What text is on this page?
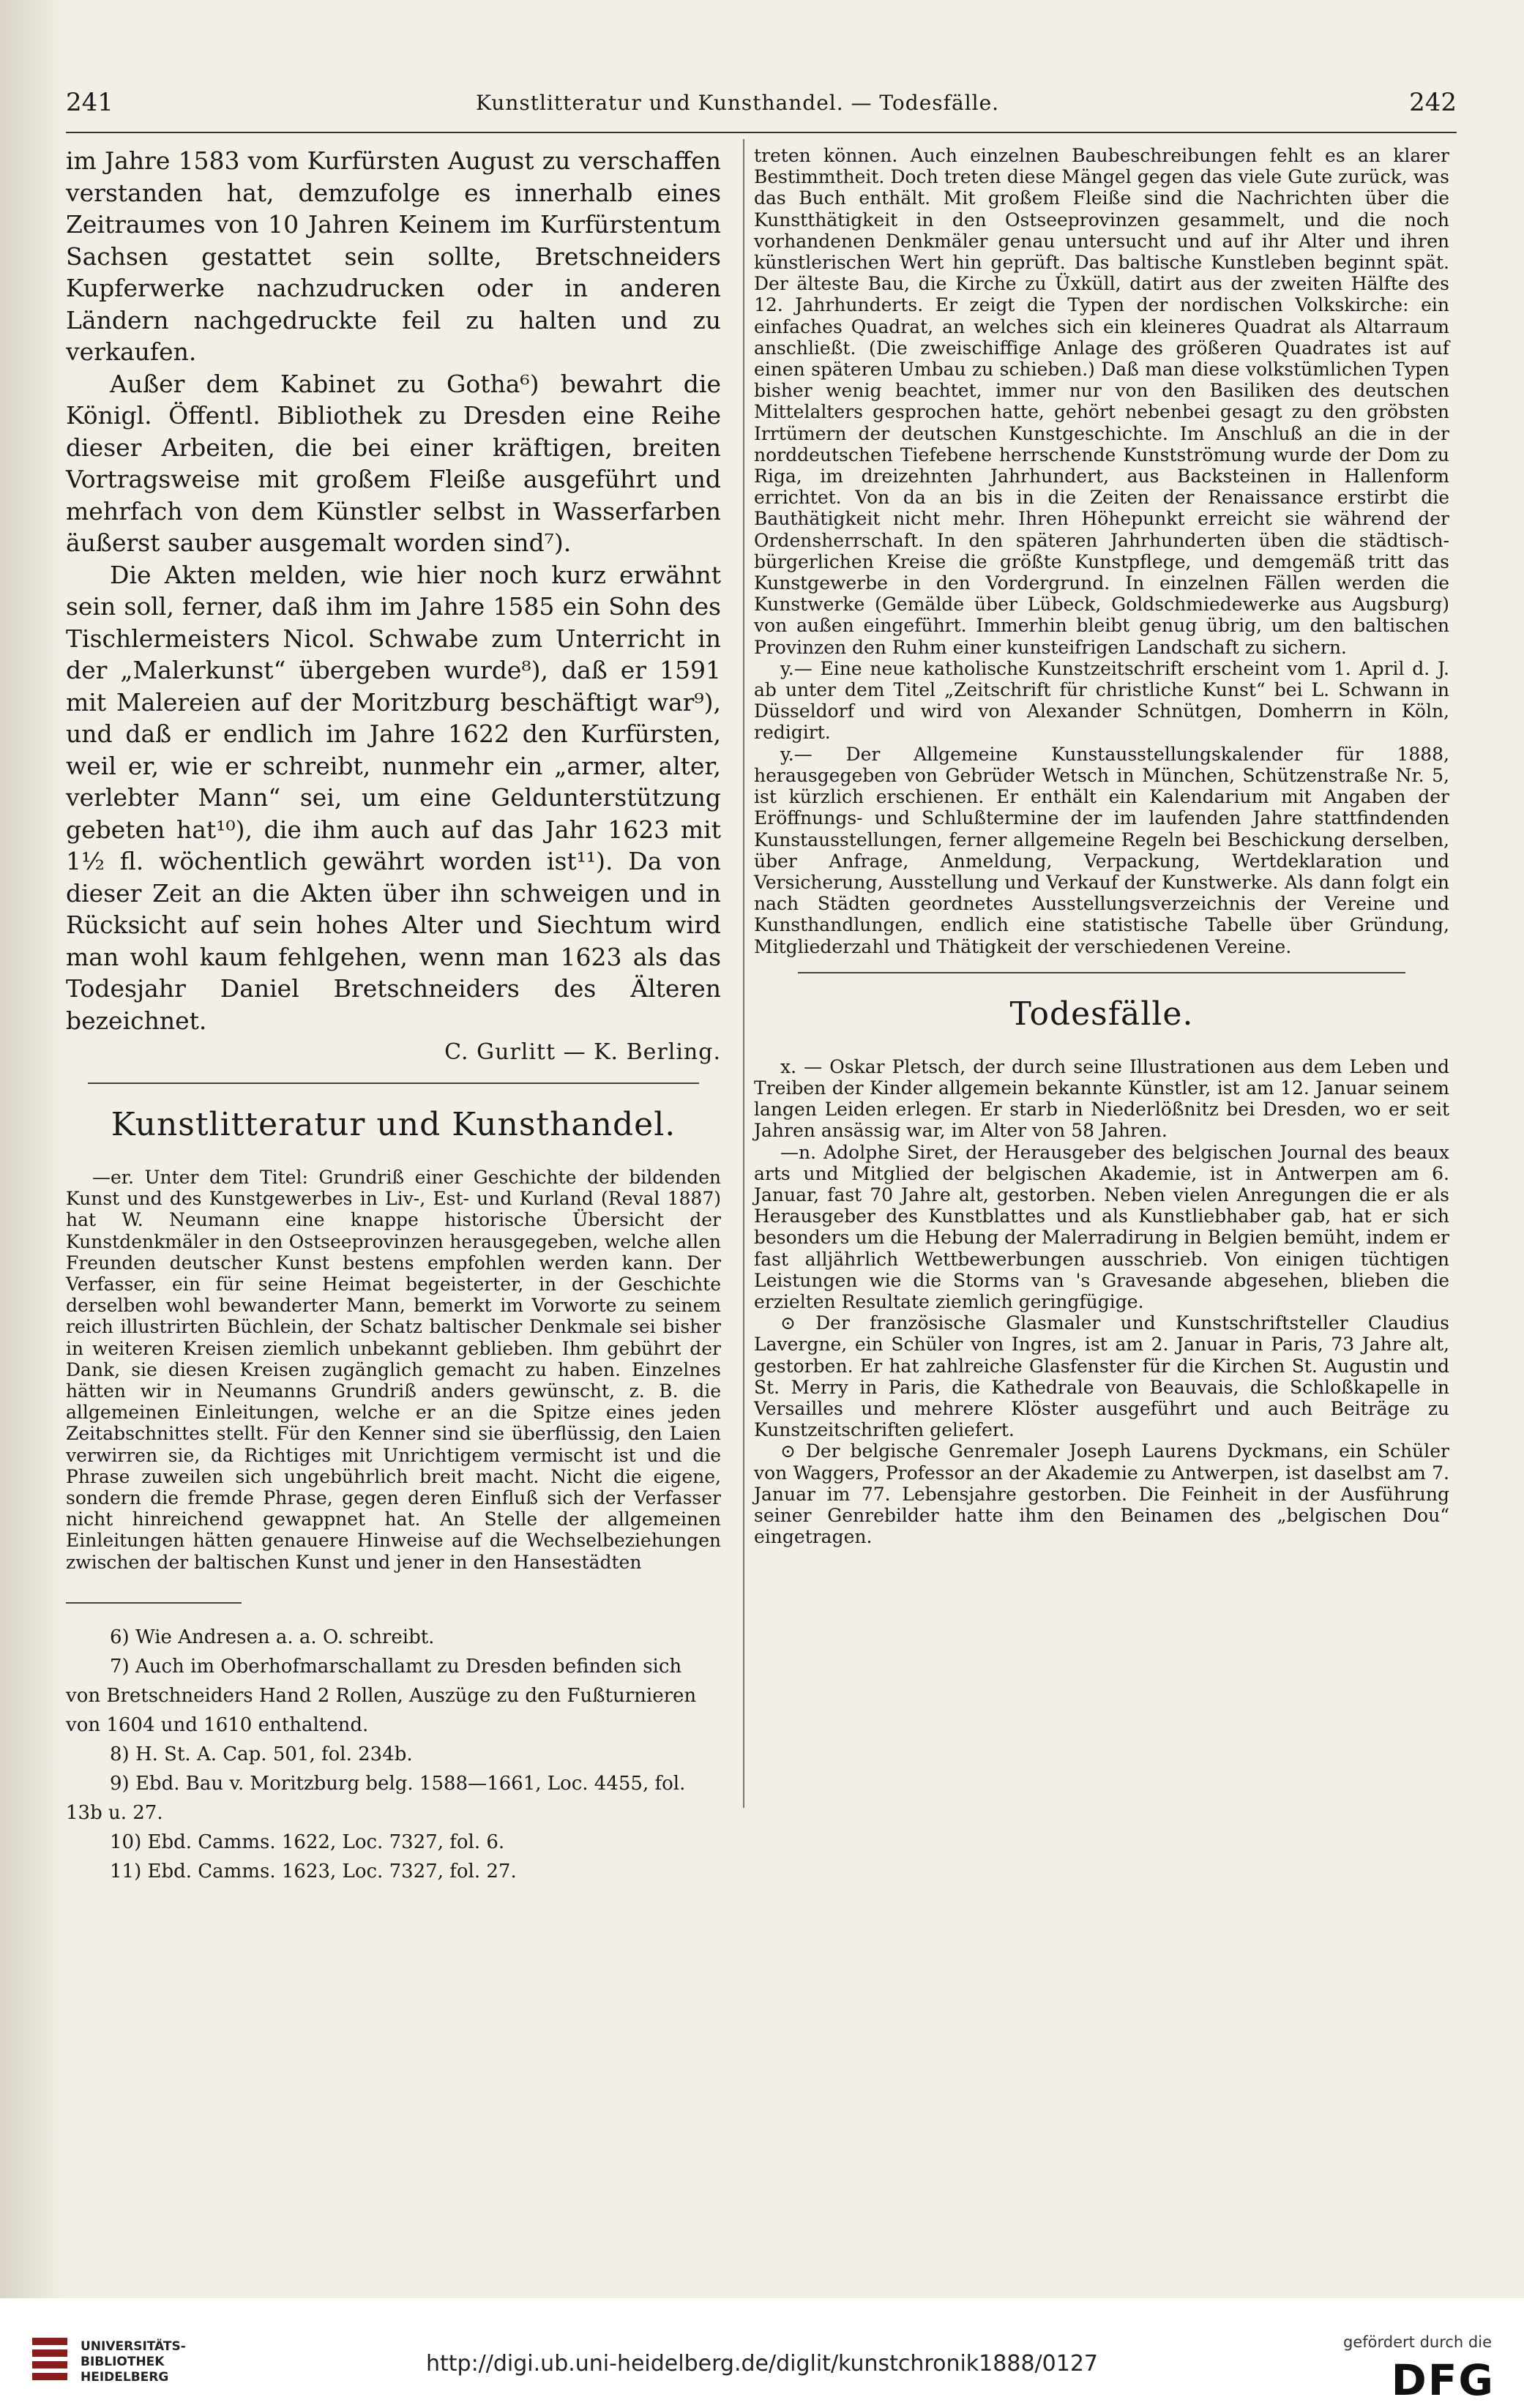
241	Kunstlitteratur und Kunsthandel. — Todesfälle.	242

im Jahre 1583 vom Kurfürsten August zu verschaffen verstanden hat, demzufolge es innerhalb eines Zeitraumes von 10 Jahren Keinem im Kurfürstentum Sachsen gestattet sein sollte, Bretschneiders Kupferwerke nachzudrucken oder in anderen Ländern nachgedruckte feil zu halten und zu verkaufen.

Außer dem Kabinet zu Gotha⁶) bewahrt die Königl. Öffentl. Bibliothek zu Dresden eine Reihe dieser Arbeiten, die bei einer kräftigen, breiten Vortragsweise mit großem Fleiße ausgeführt und mehrfach von dem Künstler selbst in Wasserfarben äußerst sauber ausgemalt worden sind⁷).

Die Akten melden, wie hier noch kurz erwähnt sein soll, ferner, daß ihm im Jahre 1585 ein Sohn des Tischlermeisters Nicol. Schwabe zum Unterricht in der „Malerkunst“ übergeben wurde⁸), daß er 1591 mit Malereien auf der Moritzburg beschäftigt war⁹), und daß er endlich im Jahre 1622 den Kurfürsten, weil er, wie er schreibt, nunmehr ein „armer, alter, verlebter Mann“ sei, um eine Geldunterstützung gebeten hat¹⁰), die ihm auch auf das Jahr 1623 mit 1½ fl. wöchentlich gewährt worden ist¹¹). Da von dieser Zeit an die Akten über ihn schweigen und in Rücksicht auf sein hohes Alter und Siechtum wird man wohl kaum fehlgehen, wenn man 1623 als das Todesjahr Daniel Bretschneiders des Älteren bezeichnet.

C. Gurlitt — K. Berling.

Kunstlitteratur und Kunsthandel.

—er. Unter dem Titel: Grundriß einer Geschichte der bildenden Kunst und des Kunstgewerbes in Liv-, Est- und Kurland (Reval 1887) hat W. Neumann eine knappe historische Übersicht der Kunstdenkmäler in den Ostseeprovinzen herausgegeben, welche allen Freunden deutscher Kunst bestens empfohlen werden kann. Der Verfasser, ein für seine Heimat begeisterter, in der Geschichte derselben wohl bewanderter Mann, bemerkt im Vorworte zu seinem reich illustrirten Büchlein, der Schatz baltischer Denkmale sei bisher in weiteren Kreisen ziemlich unbekannt geblieben. Ihm gebührt der Dank, sie diesen Kreisen zugänglich gemacht zu haben. Einzelnes hätten wir in Neumanns Grundriß anders gewünscht, z. B. die allgemeinen Einleitungen, welche er an die Spitze eines jeden Zeitabschnittes stellt. Für den Kenner sind sie überflüssig, den Laien verwirren sie, da Richtiges mit Unrichtigem vermischt ist und die Phrase zuweilen sich ungebührlich breit macht. Nicht die eigene, sondern die fremde Phrase, gegen deren Einfluß sich der Verfasser nicht hinreichend gewappnet hat. An Stelle der allgemeinen Einleitungen hätten genauere Hinweise auf die Wechselbeziehungen zwischen der baltischen Kunst und jener in den Hansestädten

6) Wie Andresen a. a. O. schreibt.

7) Auch im Oberhofmarschallamt zu Dresden befinden sich von Bretschneiders Hand 2 Rollen, Auszüge zu den Fußturnieren von 1604 und 1610 enthaltend.

8) H. St. A. Cap. 501, fol. 234b.

9) Ebd. Bau v. Moritzburg belg. 1588—1661, Loc. 4455, fol. 13b u. 27.

10) Ebd. Camms. 1622, Loc. 7327, fol. 6.

11) Ebd. Camms. 1623, Loc. 7327, fol. 27.

treten können. Auch einzelnen Baubeschreibungen fehlt es an klarer Bestimmtheit. Doch treten diese Mängel gegen das viele Gute zurück, was das Buch enthält. Mit großem Fleiße sind die Nachrichten über die Kunstthätigkeit in den Ostseeprovinzen gesammelt, und die noch vorhandenen Denkmäler genau untersucht und auf ihr Alter und ihren künstlerischen Wert hin geprüft. Das baltische Kunstleben beginnt spät. Der älteste Bau, die Kirche zu Üxküll, datirt aus der zweiten Hälfte des 12. Jahrhunderts. Er zeigt die Typen der nordischen Volkskirche: ein einfaches Quadrat, an welches sich ein kleineres Quadrat als Altarraum anschließt. (Die zweischiffige Anlage des größeren Quadrates ist auf einen späteren Umbau zu schieben.) Daß man diese volkstümlichen Typen bisher wenig beachtet, immer nur von den Basiliken des deutschen Mittelalters gesprochen hatte, gehört nebenbei gesagt zu den gröbsten Irrtümern der deutschen Kunstgeschichte. Im Anschluß an die in der norddeutschen Tiefebene herrschende Kunstströmung wurde der Dom zu Riga, im dreizehnten Jahrhundert, aus Backsteinen in Hallenform errichtet. Von da an bis in die Zeiten der Renaissance erstirbt die Bauthätigkeit nicht mehr. Ihren Höhepunkt erreicht sie während der Ordensherrschaft. In den späteren Jahrhunderten üben die städtisch-bürgerlichen Kreise die größte Kunstpflege, und demgemäß tritt das Kunstgewerbe in den Vordergrund. In einzelnen Fällen werden die Kunstwerke (Gemälde über Lübeck, Goldschmiedewerke aus Augsburg) von außen eingeführt. Immerhin bleibt genug übrig, um den baltischen Provinzen den Ruhm einer kunsteifrigen Landschaft zu sichern.

y.— Eine neue katholische Kunstzeitschrift erscheint vom 1. April d. J. ab unter dem Titel „Zeitschrift für christliche Kunst“ bei L. Schwann in Düsseldorf und wird von Alexander Schnütgen, Domherrn in Köln, redigirt.

y.— Der Allgemeine Kunstausstellungskalender für 1888, herausgegeben von Gebrüder Wetsch in München, Schützenstraße Nr. 5, ist kürzlich erschienen. Er enthält ein Kalendarium mit Angaben der Eröffnungs- und Schlußtermine der im laufenden Jahre stattfindenden Kunstausstellungen, ferner allgemeine Regeln bei Beschickung derselben, über Anfrage, Anmeldung, Verpackung, Wertdeklaration und Versicherung, Ausstellung und Verkauf der Kunstwerke. Als dann folgt ein nach Städten geordnetes Ausstellungsverzeichnis der Vereine und Kunsthandlungen, endlich eine statistische Tabelle über Gründung, Mitgliederzahl und Thätigkeit der verschiedenen Vereine.

Todesfälle.

x. — Oskar Pletsch, der durch seine Illustrationen aus dem Leben und Treiben der Kinder allgemein bekannte Künstler, ist am 12. Januar seinem langen Leiden erlegen. Er starb in Niederlößnitz bei Dresden, wo er seit Jahren ansässig war, im Alter von 58 Jahren.

—n. Adolphe Siret, der Herausgeber des belgischen Journal des beaux arts und Mitglied der belgischen Akademie, ist in Antwerpen am 6. Januar, fast 70 Jahre alt, gestorben. Neben vielen Anregungen die er als Herausgeber des Kunstblattes und als Kunstliebhaber gab, hat er sich besonders um die Hebung der Malerradirung in Belgien bemüht, indem er fast alljährlich Wettbewerbungen ausschrieb. Von einigen tüchtigen Leistungen wie die Storms van 's Gravesande abgesehen, blieben die erzielten Resultate ziemlich geringfügige.

⊙ Der französische Glasmaler und Kunstschriftsteller Claudius Lavergne, ein Schüler von Ingres, ist am 2. Januar in Paris, 73 Jahre alt, gestorben. Er hat zahlreiche Glasfenster für die Kirchen St. Augustin und St. Merry in Paris, die Kathedrale von Beauvais, die Schloßkapelle in Versailles und mehrere Klöster ausgeführt und auch Beiträge zu Kunstzeitschriften geliefert.

⊙ Der belgische Genremaler Joseph Laurens Dyckmans, ein Schüler von Waggers, Professor an der Akademie zu Antwerpen, ist daselbst am 7. Januar im 77. Lebensjahre gestorben. Die Feinheit in der Ausführung seiner Genrebilder hatte ihm den Beinamen des „belgischen Dou“ eingetragen.

UNIVERSITÄTS-
BIBLIOTHEK
HEIDELBERG
http://digi.ub.uni-heidelberg.de/diglit/kunstchronik1888/0127
gefördert durch die
DFG
